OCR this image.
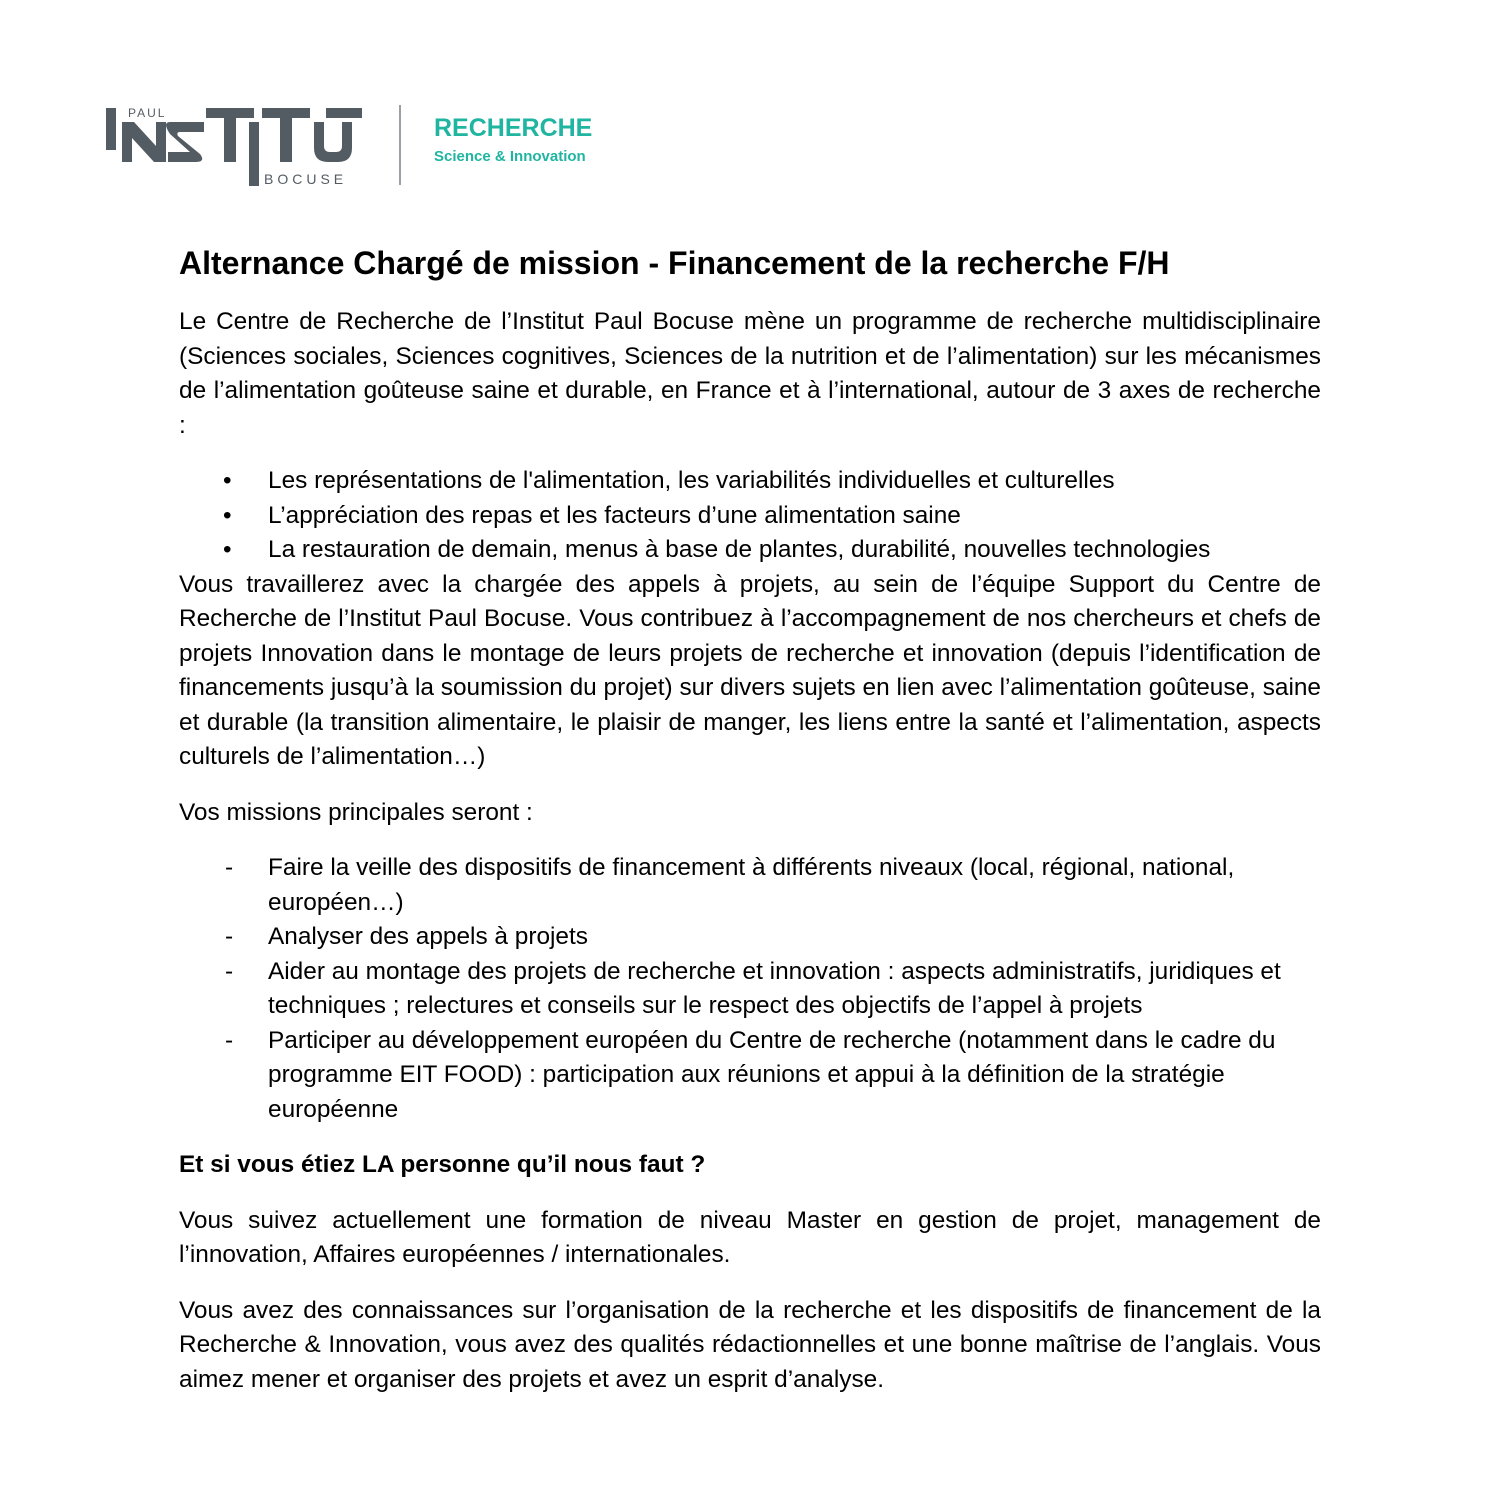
PAUL
BOCUSE
RECHERCHE
Science & Innovation
Alternance Chargé de mission - Financement de la recherche F/H

Le Centre de Recherche de l’Institut Paul Bocuse mène un programme de recherche multidisciplinaire (Sciences sociales, Sciences cognitives, Sciences de la nutrition et de l’alimentation) sur les mécanismes de l’alimentation goûteuse saine et durable, en France et à l’international, autour de 3 axes de recherche :

• Les représentations de l'alimentation, les variabilités individuelles et culturelles
• L’appréciation des repas et les facteurs d’une alimentation saine
• La restauration de demain, menus à base de plantes, durabilité, nouvelles technologies

Vous travaillerez avec la chargée des appels à projets, au sein de l’équipe Support du Centre de Recherche de l’Institut Paul Bocuse. Vous contribuez à l’accompagnement de nos chercheurs et chefs de projets Innovation dans le montage de leurs projets de recherche et innovation (depuis l’identification de financements jusqu’à la soumission du projet) sur divers sujets en lien avec l’alimentation goûteuse, saine et durable (la transition alimentaire, le plaisir de manger, les liens entre la santé et l’alimentation, aspects culturels de l’alimentation…)

Vos missions principales seront :

- Faire la veille des dispositifs de financement à différents niveaux (local, régional, national, européen…)
- Analyser des appels à projets
- Aider au montage des projets de recherche et innovation : aspects administratifs, juridiques et techniques ; relectures et conseils sur le respect des objectifs de l’appel à projets
- Participer au développement européen du Centre de recherche (notamment dans le cadre du programme EIT FOOD) : participation aux réunions et appui à la définition de la stratégie européenne
Et si vous étiez LA personne qu’il nous faut ?

Vous suivez actuellement une formation de niveau Master en gestion de projet, management de l’innovation, Affaires européennes / internationales.

Vous avez des connaissances sur l’organisation de la recherche et les dispositifs de financement de la Recherche & Innovation, vous avez des qualités rédactionnelles et une bonne maîtrise de l’anglais. Vous aimez mener et organiser des projets et avez un esprit d’analyse.
